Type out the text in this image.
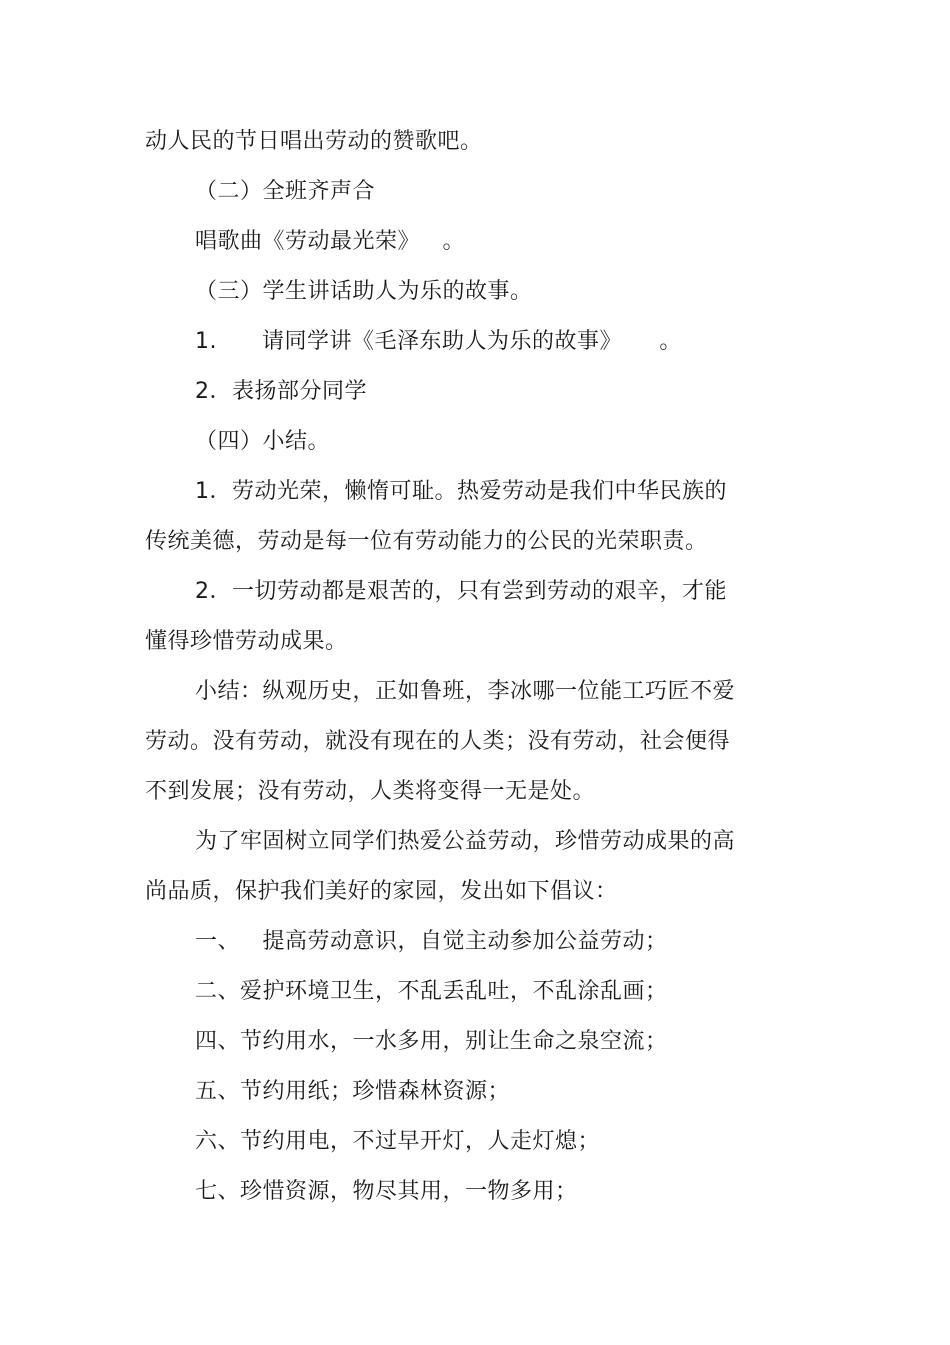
动人民的节日唱出劳动的赞歌吧。
（二）全班齐声合
唱歌曲《劳动最光荣》   。
（三）学生讲话助人为乐的故事。
1.      请同学讲《毛泽东助人为乐的故事》     。
2．表扬部分同学
（四）小结。
1．劳动光荣，懒惰可耻。热爱劳动是我们中华民族的
传统美德，劳动是每一位有劳动能力的公民的光荣职责。
2．一切劳动都是艰苦的，只有尝到劳动的艰辛，才能
懂得珍惜劳动成果。
小结：纵观历史，正如鲁班，李冰哪一位能工巧匠不爱
劳动。没有劳动，就没有现在的人类；没有劳动，社会便得
不到发展；没有劳动，人类将变得一无是处。
为了牢固树立同学们热爱公益劳动，珍惜劳动成果的高
尚品质，保护我们美好的家园，发出如下倡议：
一、   提高劳动意识，自觉主动参加公益劳动；
二、爱护环境卫生，不乱丢乱吐，不乱涂乱画；
四、节约用水，一水多用，别让生命之泉空流；
五、节约用纸；珍惜森林资源；
六、节约用电，不过早开灯，人走灯熄；
七、珍惜资源，物尽其用，一物多用；
